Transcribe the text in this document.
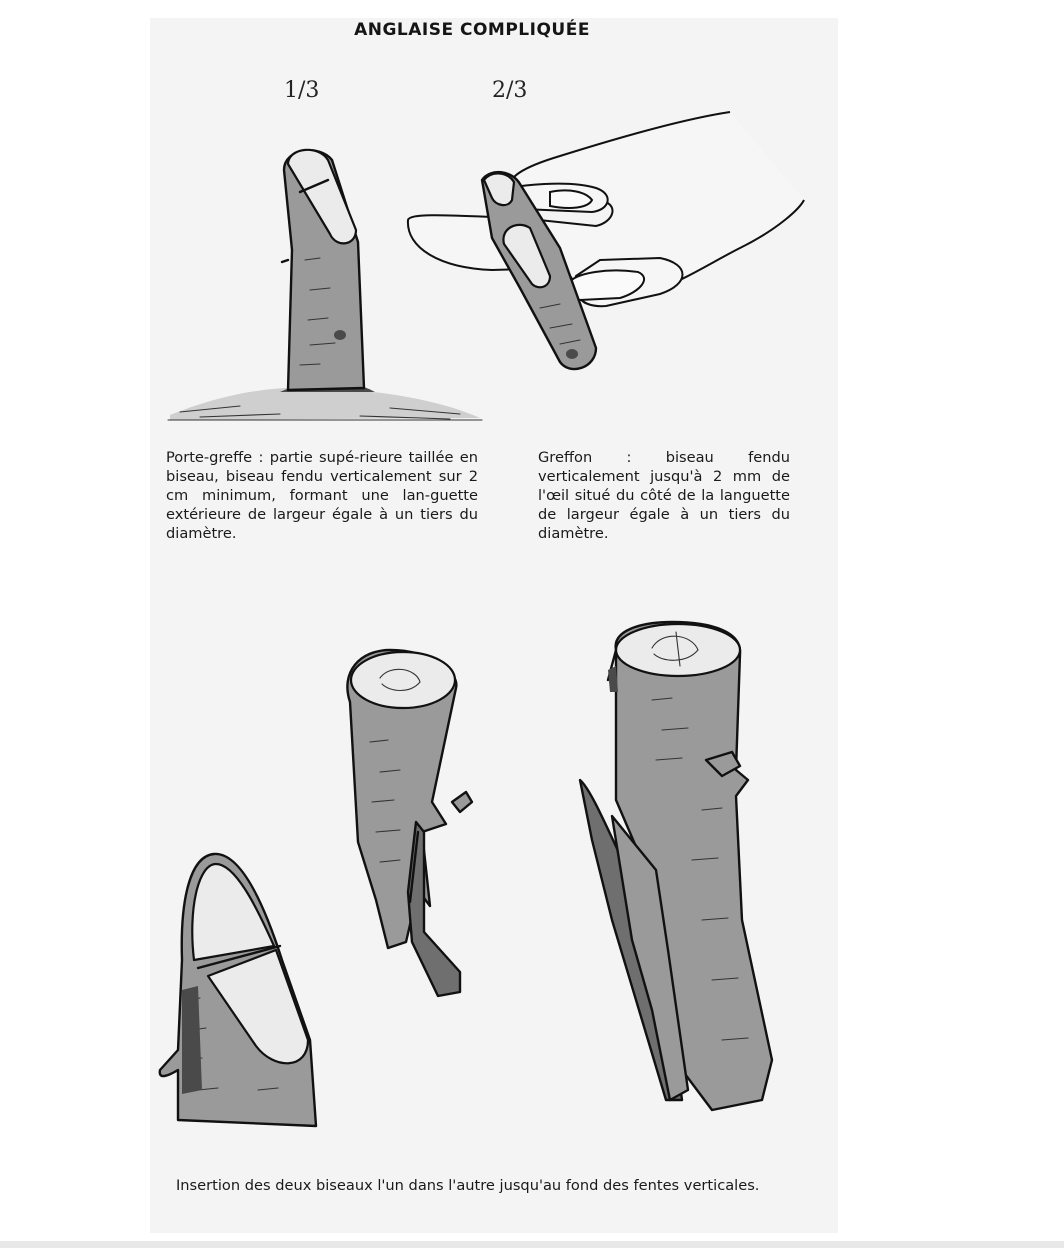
ANGLAISE COMPLIQUÉE
1/3	2/3
Porte-greffe : partie supé-rieure taillée en biseau, biseau fendu verticalement sur 2 cm minimum, formant une lan-guette extérieure de largeur égale à un tiers du diamètre.
Greffon : biseau fendu verticalement jusqu'à 2 mm de l'œil situé du côté de la languette de largeur égale à un tiers du diamètre.
Insertion des deux biseaux l'un dans l'autre jusqu'au fond des fentes verticales.
